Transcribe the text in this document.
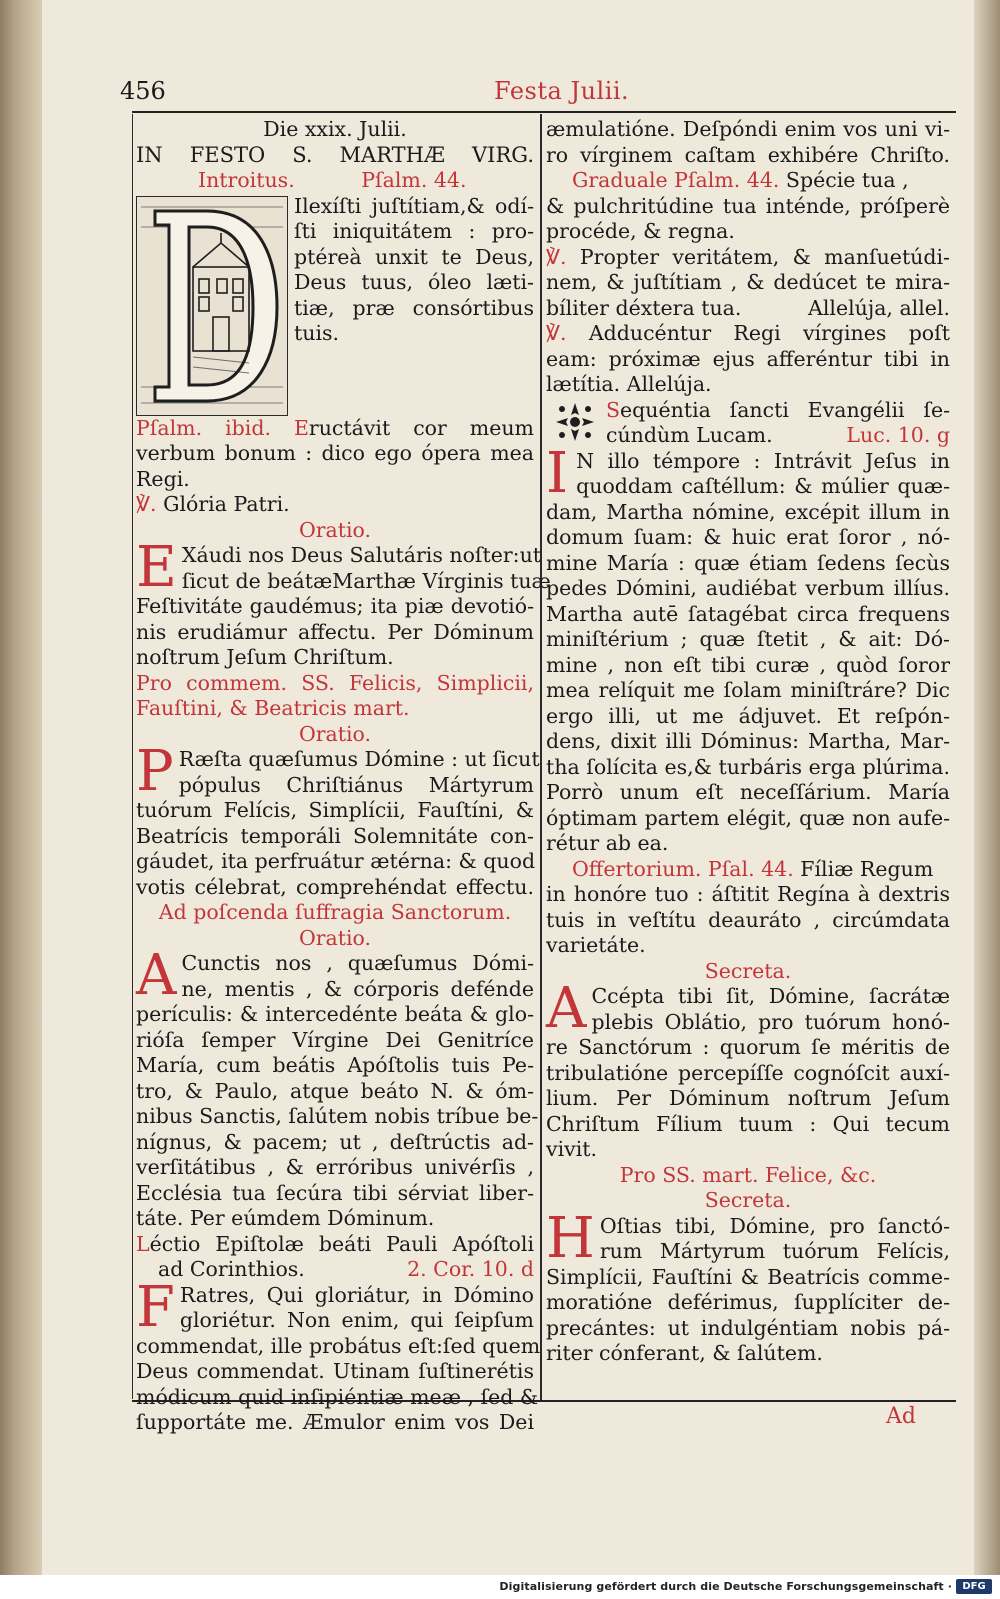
456	Festa Julii.
Ad
Die xxix. Julii.
IN FESTO S. MARTHÆ VIRG.
Introitus.	Pſalm. 44.
Ilexíſti juſtítiam,& odí-
ſti iniquitátem : pro-
ptéreà unxit te Deus,
Deus tuus, óleo læti-
tiæ, præ consórtibus
tuis.
Pſalm. ibid. Eructávit cor meum
verbum bonum : dico ego ópera mea
Regi.
℣. Glória Patri.
Oratio.
E Xáudi nos Deus Salutáris noſter:ut
ſicut de beátæMarthæ Vírginis tuæ
Feſtivitáte gaudémus; ita piæ devotió-
nis erudiámur affectu. Per Dóminum
noſtrum Jeſum Chriſtum.
Pro commem. SS. Felicis, Simplicii,
Fauſtini, & Beatricis mart.
Oratio.
P Ræſta quæſumus Dómine : ut ſicut
pópulus Chriſtiánus Mártyrum
tuórum Felícis, Simplícii, Fauſtíni, &
Beatrícis temporáli Solemnitáte con-
gáudet, ita perfruátur ætérna: & quod
votis célebrat, comprehéndat effectu.
Ad poſcenda ſuffragia Sanctorum.
Oratio.
A Cunctis nos , quæſumus Dómi-
ne, mentis , & córporis defénde
perículis: & intercedénte beáta & glo-
rióſa ſemper Vírgine Dei Genitríce
María, cum beátis Apóſtolis tuis Pe-
tro, & Paulo, atque beáto N. & óm-
nibus Sanctis, ſalútem nobis tríbue be-
nígnus, & pacem; ut , deſtrúctis ad-
verſitátibus , & erróribus univérſis ,
Ecclésia tua ſecúra tibi sérviat liber-
táte. Per eúmdem Dóminum.
Léctio Epiſtolæ beáti Pauli Apóſtoli
ad Corinthios.	2. Cor. 10. d
F Ratres, Qui gloriátur, in Dómino
gloriétur. Non enim, qui ſeipſum
commendat, ille probátus eſt:ſed quem
Deus commendat. Utinam ſuſtinerétis
módicum quid inſipiéntiæ meæ , ſed &
ſupportáte me. Æmulor enim vos Dei
æmulatióne. Deſpóndi enim vos uni vi-
ro vírginem caſtam exhibére Chriſto.
Graduale Pſalm. 44. Spécie tua ,
& pulchritúdine tua inténde, próſperè
procéde, & regna.
℣. Propter veritátem, & manſuetúdi-
nem, & juſtítiam , & dedúcet te mira-
bíliter déxtera tua.	Allelúja, allel.
℣. Adducéntur Regi vírgines poſt
eam: próximæ ejus afferéntur tibi in
lætítia. Allelúja.
Sequéntia ſancti Evangélii ſe-
cúndùm Lucam.	Luc. 10. g
I N illo témpore : Intrávit Jeſus in
quoddam caſtéllum: & múlier quæ-
dam, Martha nómine, excépit illum in
domum ſuam: & huic erat ſoror , nó-
mine María : quæ étiam ſedens ſecùs
pedes Dómini, audiébat verbum illíus.
Martha autē ſatagébat circa frequens
miniſtérium ; quæ ſtetit , & ait: Dó-
mine , non eſt tibi curæ , quòd ſoror
mea relíquit me ſolam miniſtráre? Dic
ergo illi, ut me ádjuvet. Et reſpón-
dens, dixit illi Dóminus: Martha, Mar-
tha ſolícita es,& turbáris erga plúrima.
Porrò unum eſt neceſſárium. María
óptimam partem elégit, quæ non aufe-
rétur ab ea.
Offertorium. Pſal. 44. Fíliæ Regum
in honóre tuo : áſtitit Regína à dextris
tuis in veſtítu deauráto , circúmdata
varietáte.
Secreta.
A Ccépta tibi ſit, Dómine, ſacrátæ
plebis Oblátio, pro tuórum honó-
re Sanctórum : quorum ſe méritis de
tribulatióne percepíſſe cognóſcit auxí-
lium. Per Dóminum noſtrum Jeſum
Chriſtum Fílium tuum : Qui tecum
vivit.
Pro SS. mart. Felice, &c.
Secreta.
H Oſtias tibi, Dómine, pro ſanctó-
rum Mártyrum tuórum Felícis,
Simplícii, Fauſtíni & Beatrícis comme-
moratióne deférimus, ſupplíciter de-
precántes: ut indulgéntiam nobis pá-
riter cónferant, & ſalútem.
Digitalisierung gefördert durch die Deutsche Forschungsgemeinschaft ·	DFG
